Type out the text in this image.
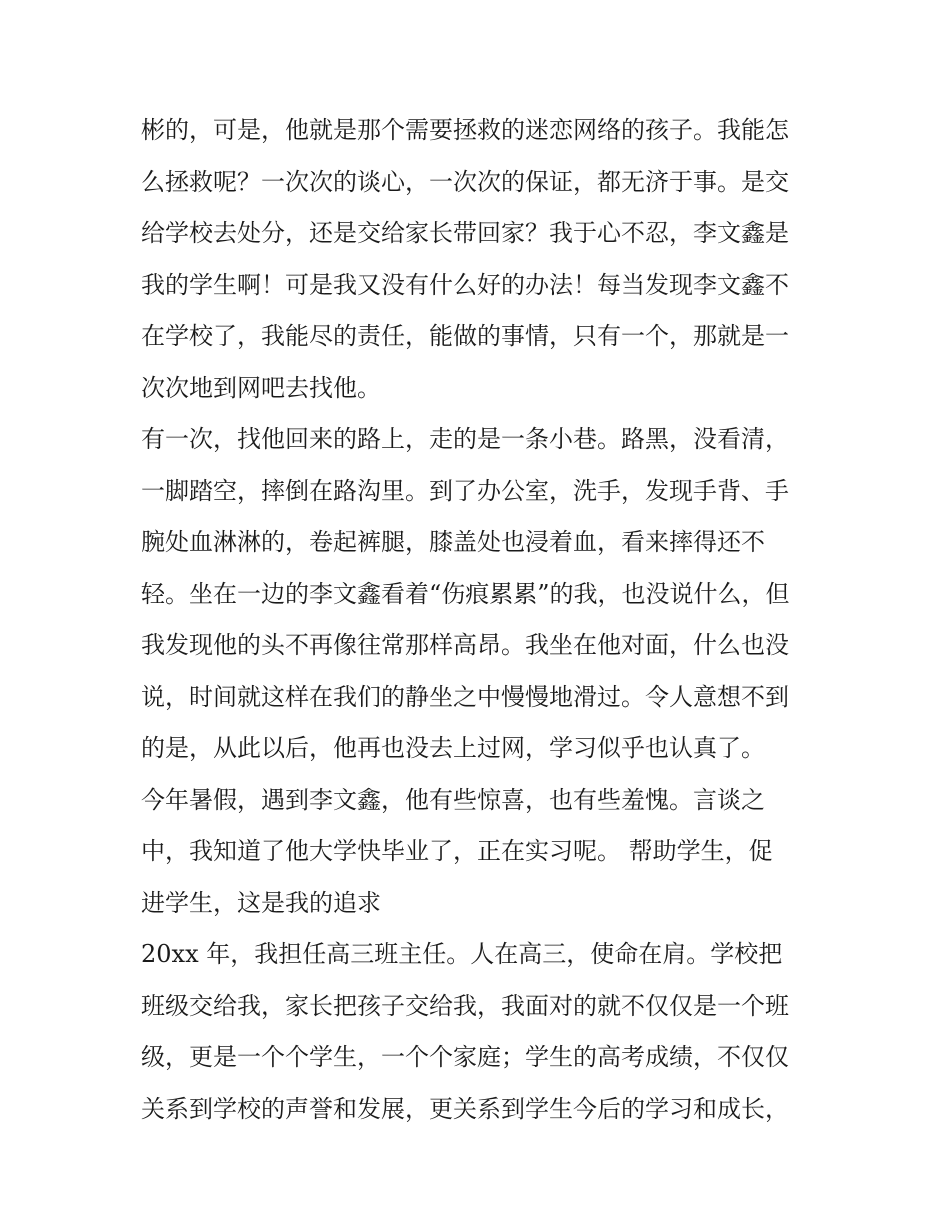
彬的，可是，他就是那个需要拯救的迷恋网络的孩子。我能怎
么拯救呢？一次次的谈心，一次次的保证，都无济于事。是交
给学校去处分，还是交给家长带回家？我于心不忍，李文鑫是
我的学生啊！可是我又没有什么好的办法！每当发现李文鑫不
在学校了，我能尽的责任，能做的事情，只有一个，那就是一
次次地到网吧去找他。
有一次，找他回来的路上，走的是一条小巷。路黑，没看清，
一脚踏空，摔倒在路沟里。到了办公室，洗手，发现手背、手
腕处血淋淋的，卷起裤腿，膝盖处也浸着血，看来摔得还不
轻。坐在一边的李文鑫看着“伤痕累累”的我，也没说什么，但
我发现他的头不再像往常那样高昂。我坐在他对面，什么也没
说，时间就这样在我们的静坐之中慢慢地滑过。令人意想不到
的是，从此以后，他再也没去上过网，学习似乎也认真了。
今年暑假，遇到李文鑫，他有些惊喜，也有些羞愧。言谈之
中，我知道了他大学快毕业了，正在实习呢。 帮助学生，促
进学生，这是我的追求
20xx 年，我担任高三班主任。人在高三，使命在肩。学校把
班级交给我，家长把孩子交给我，我面对的就不仅仅是一个班
级，更是一个个学生，一个个家庭；学生的高考成绩，不仅仅
关系到学校的声誉和发展，更关系到学生今后的学习和成长，
